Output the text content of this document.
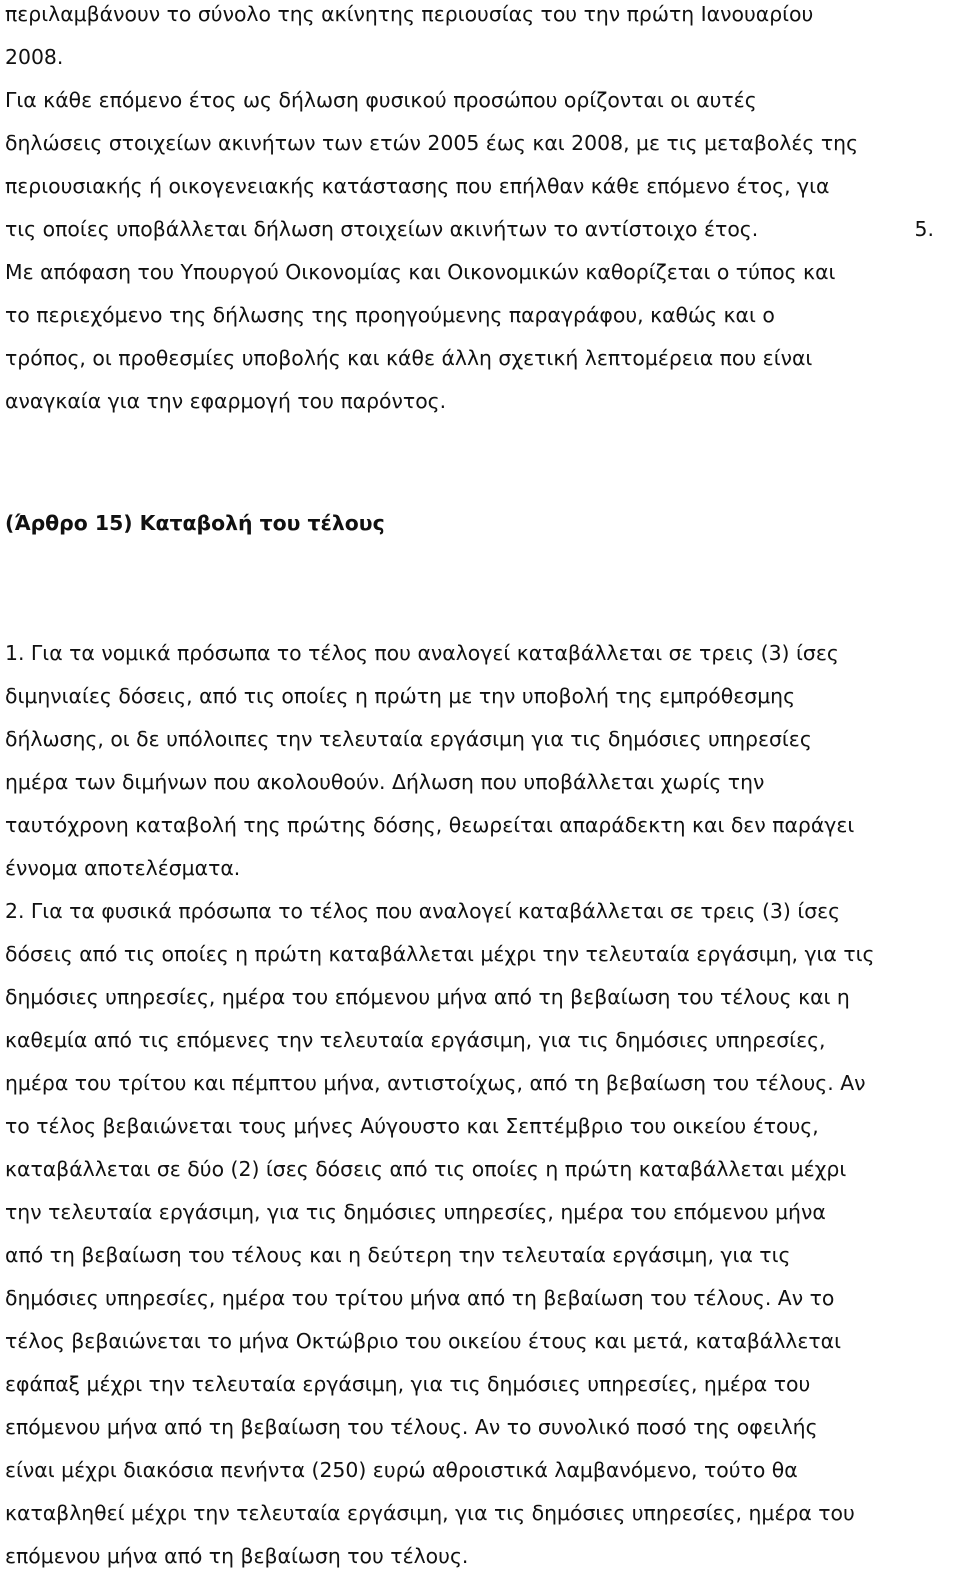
περιλαμβάνουν το σύνολο της ακίνητης περιουσίας του την πρώτη Ιανουαρίου
2008.
Για κάθε επόμενο έτος ως δήλωση φυσικού προσώπου ορίζονται οι αυτές
δηλώσεις στοιχείων ακινήτων των ετών 2005 έως και 2008, με τις μεταβολές της
περιουσιακής ή οικογενειακής κατάστασης που επήλθαν κάθε επόμενο έτος, για
τις οποίες υποβάλλεται δήλωση στοιχείων ακινήτων το αντίστοιχο έτος.	5.
Με απόφαση του Υπουργού Οικονομίας και Οικονομικών καθορίζεται ο τύπος και
το περιεχόμενο της δήλωσης της προηγούμενης παραγράφου, καθώς και ο
τρόπος, οι προθεσμίες υποβολής και κάθε άλλη σχετική λεπτομέρεια που είναι
αναγκαία για την εφαρμογή του παρόντος.
(Άρθρο 15) Καταβολή του τέλους
1. Για τα νομικά πρόσωπα το τέλος που αναλογεί καταβάλλεται σε τρεις (3) ίσες
διμηνιαίες δόσεις, από τις οποίες η πρώτη με την υποβολή της εμπρόθεσμης
δήλωσης, οι δε υπόλοιπες την τελευταία εργάσιμη για τις δημόσιες υπηρεσίες
ημέρα των διμήνων που ακολουθούν. Δήλωση που υποβάλλεται χωρίς την
ταυτόχρονη καταβολή της πρώτης δόσης, θεωρείται απαράδεκτη και δεν παράγει
έννομα αποτελέσματα.
2. Για τα φυσικά πρόσωπα το τέλος που αναλογεί καταβάλλεται σε τρεις (3) ίσες
δόσεις από τις οποίες η πρώτη καταβάλλεται μέχρι την τελευταία εργάσιμη, για τις
δημόσιες υπηρεσίες, ημέρα του επόμενου μήνα από τη βεβαίωση του τέλους και η
καθεμία από τις επόμενες την τελευταία εργάσιμη, για τις δημόσιες υπηρεσίες,
ημέρα του τρίτου και πέμπτου μήνα, αντιστοίχως, από τη βεβαίωση του τέλους. Αν
το τέλος βεβαιώνεται τους μήνες Αύγουστο και Σεπτέμβριο του οικείου έτους,
καταβάλλεται σε δύο (2) ίσες δόσεις από τις οποίες η πρώτη καταβάλλεται μέχρι
την τελευταία εργάσιμη, για τις δημόσιες υπηρεσίες, ημέρα του επόμενου μήνα
από τη βεβαίωση του τέλους και η δεύτερη την τελευταία εργάσιμη, για τις
δημόσιες υπηρεσίες, ημέρα του τρίτου μήνα από τη βεβαίωση του τέλους. Αν το
τέλος βεβαιώνεται το μήνα Οκτώβριο του οικείου έτους και μετά, καταβάλλεται
εφάπαξ μέχρι την τελευταία εργάσιμη, για τις δημόσιες υπηρεσίες, ημέρα του
επόμενου μήνα από τη βεβαίωση του τέλους. Αν το συνολικό ποσό της οφειλής
είναι μέχρι διακόσια πενήντα (250) ευρώ αθροιστικά λαμβανόμενο, τούτο θα
καταβληθεί μέχρι την τελευταία εργάσιμη, για τις δημόσιες υπηρεσίες, ημέρα του
επόμενου μήνα από τη βεβαίωση του τέλους.
